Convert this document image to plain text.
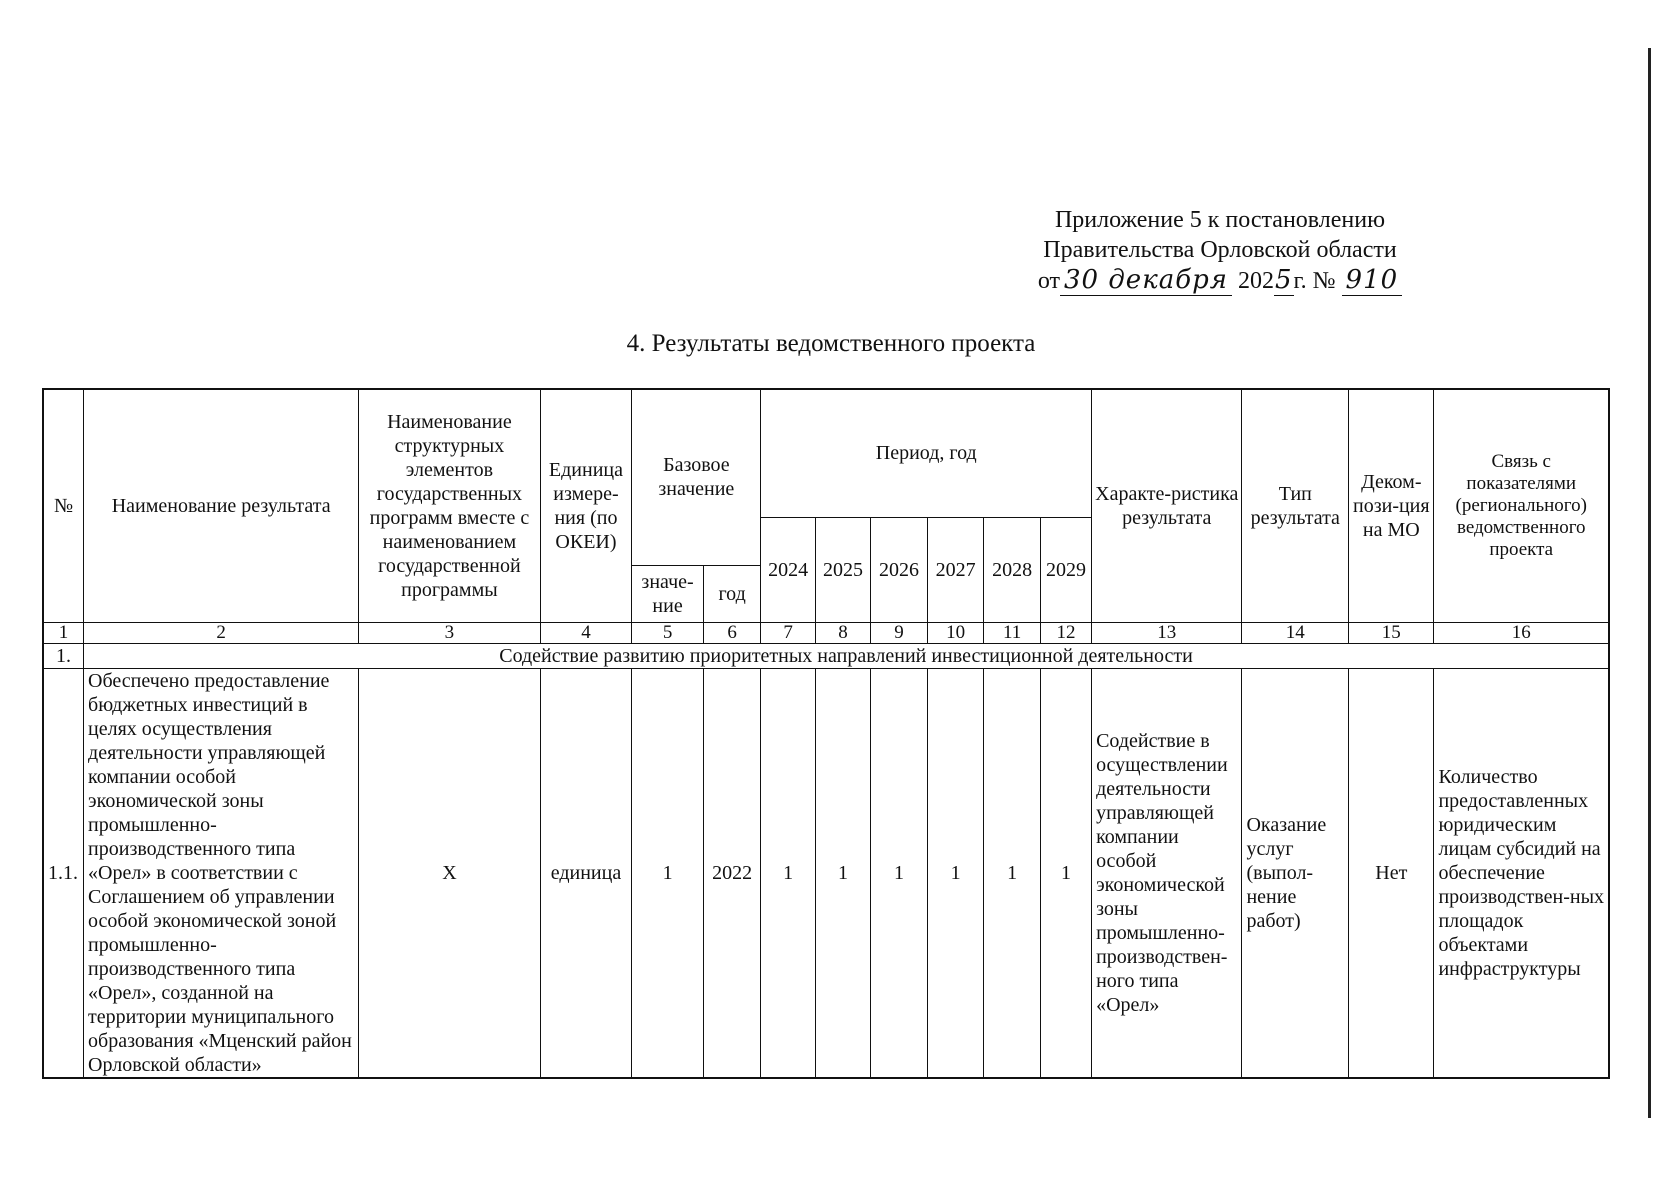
Приложение 5 к постановлению
Правительства Орловской области
от 30 декабря 2025г. № 910
4. Результаты ведомственного проекта
№	Наименование результата	Наименование структурных элементов государственных программ вместе с наименованием государственной программы	Единица измере-ния (по ОКЕИ)	Базовое значение		Период, год						Характе-ристика результата	Тип результата	Деком-пози-ция на МО	Связь с показателями (регионального) ведомственного проекта
						2024	2025	2026	2027	2028	2029				
				значе-ние	год										
1	2	3	4	5	6	7	8	9	10	11	12	13	14	15	16
1.	Содействие развитию приоритетных направлений инвестиционной деятельности														
1.1.	Обеспечено предоставление бюджетных инвестиций в целях осуществления деятельности управляющей компании особой экономической зоны промышленно-производственного типа «Орел» в соответствии с Соглашением об управлении особой экономической зоной промышленно-производственного типа «Орел», созданной на территории муниципального образования «Мценский район Орловской области»	Х	единица	1	2022	1	1	1	1	1	1	Содействие в осуществлении деятельности управляющей компании особой экономической зоны промышленно-производствен-ного типа «Орел»	Оказание услуг (выпол-нение работ)	Нет	Количество предоставленных юридическим лицам субсидий на обеспечение производствен-ных площадок объектами инфраструктуры
